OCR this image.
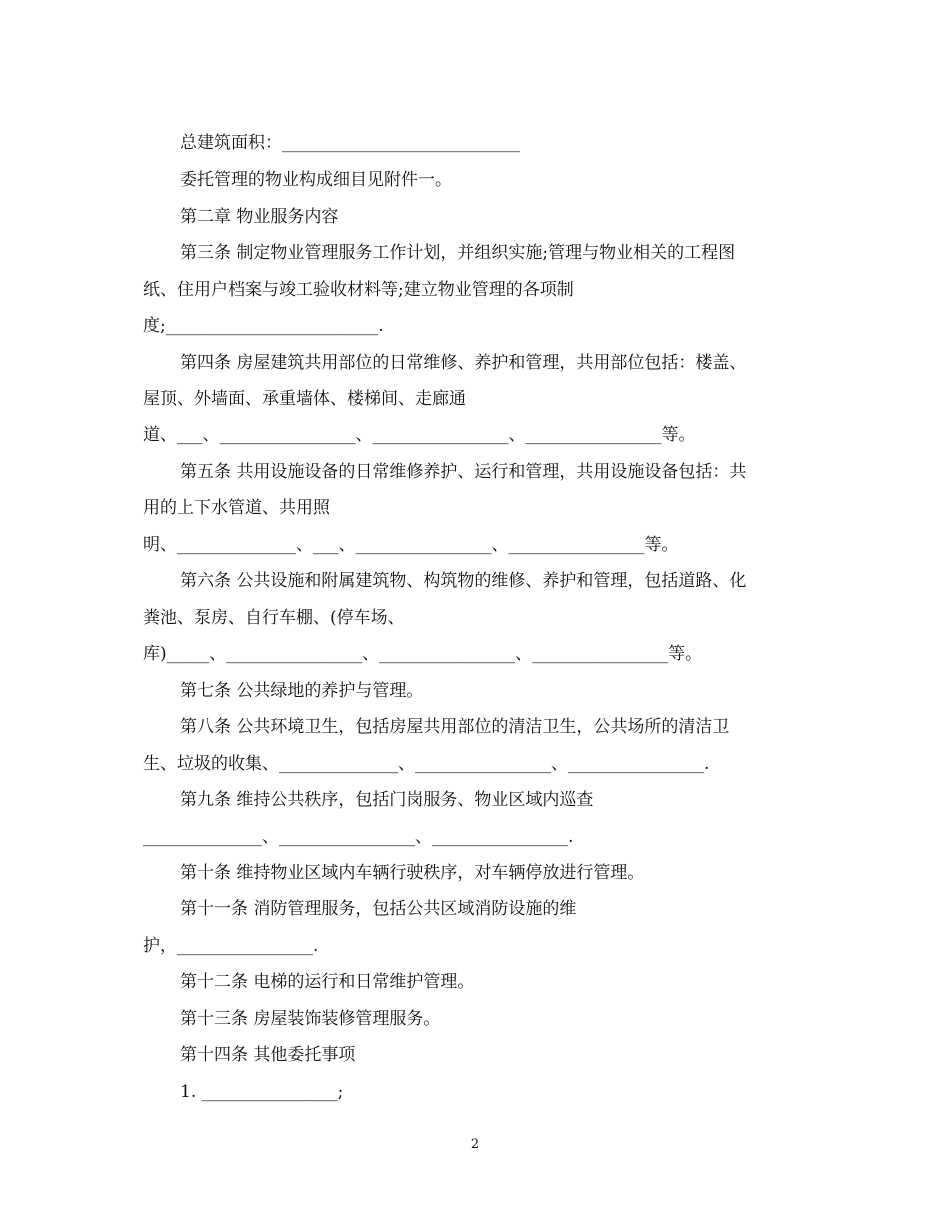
总建筑面积：____________________________
委托管理的物业构成细目见附件一。
第二章 物业服务内容
第三条 制定物业管理服务工作计划，并组织实施;管理与物业相关的工程图
纸、住用户档案与竣工验收材料等;建立物业管理的各项制
度;_________________________.
第四条 房屋建筑共用部位的日常维修、养护和管理，共用部位包括：楼盖、
屋顶、外墙面、承重墙体、楼梯间、走廊通
道、___、________________、________________、________________等。
第五条 共用设施设备的日常维修养护、运行和管理，共用设施设备包括：共
用的上下水管道、共用照
明、______________、___、________________、________________等。
第六条 公共设施和附属建筑物、构筑物的维修、养护和管理，包括道路、化
粪池、泵房、自行车棚、(停车场、
库)_____、________________、________________、________________等。
第七条 公共绿地的养护与管理。
第八条 公共环境卫生，包括房屋共用部位的清洁卫生，公共场所的清洁卫
生、垃圾的收集、______________、________________、________________.
第九条 维持公共秩序，包括门岗服务、物业区域内巡查
______________、________________、________________.
第十条 维持物业区域内车辆行驶秩序，对车辆停放进行管理。
第十一条 消防管理服务，包括公共区域消防设施的维
护，________________.
第十二条 电梯的运行和日常维护管理。
第十三条 房屋装饰装修管理服务。
第十四条 其他委托事项
1. ________________;
2
